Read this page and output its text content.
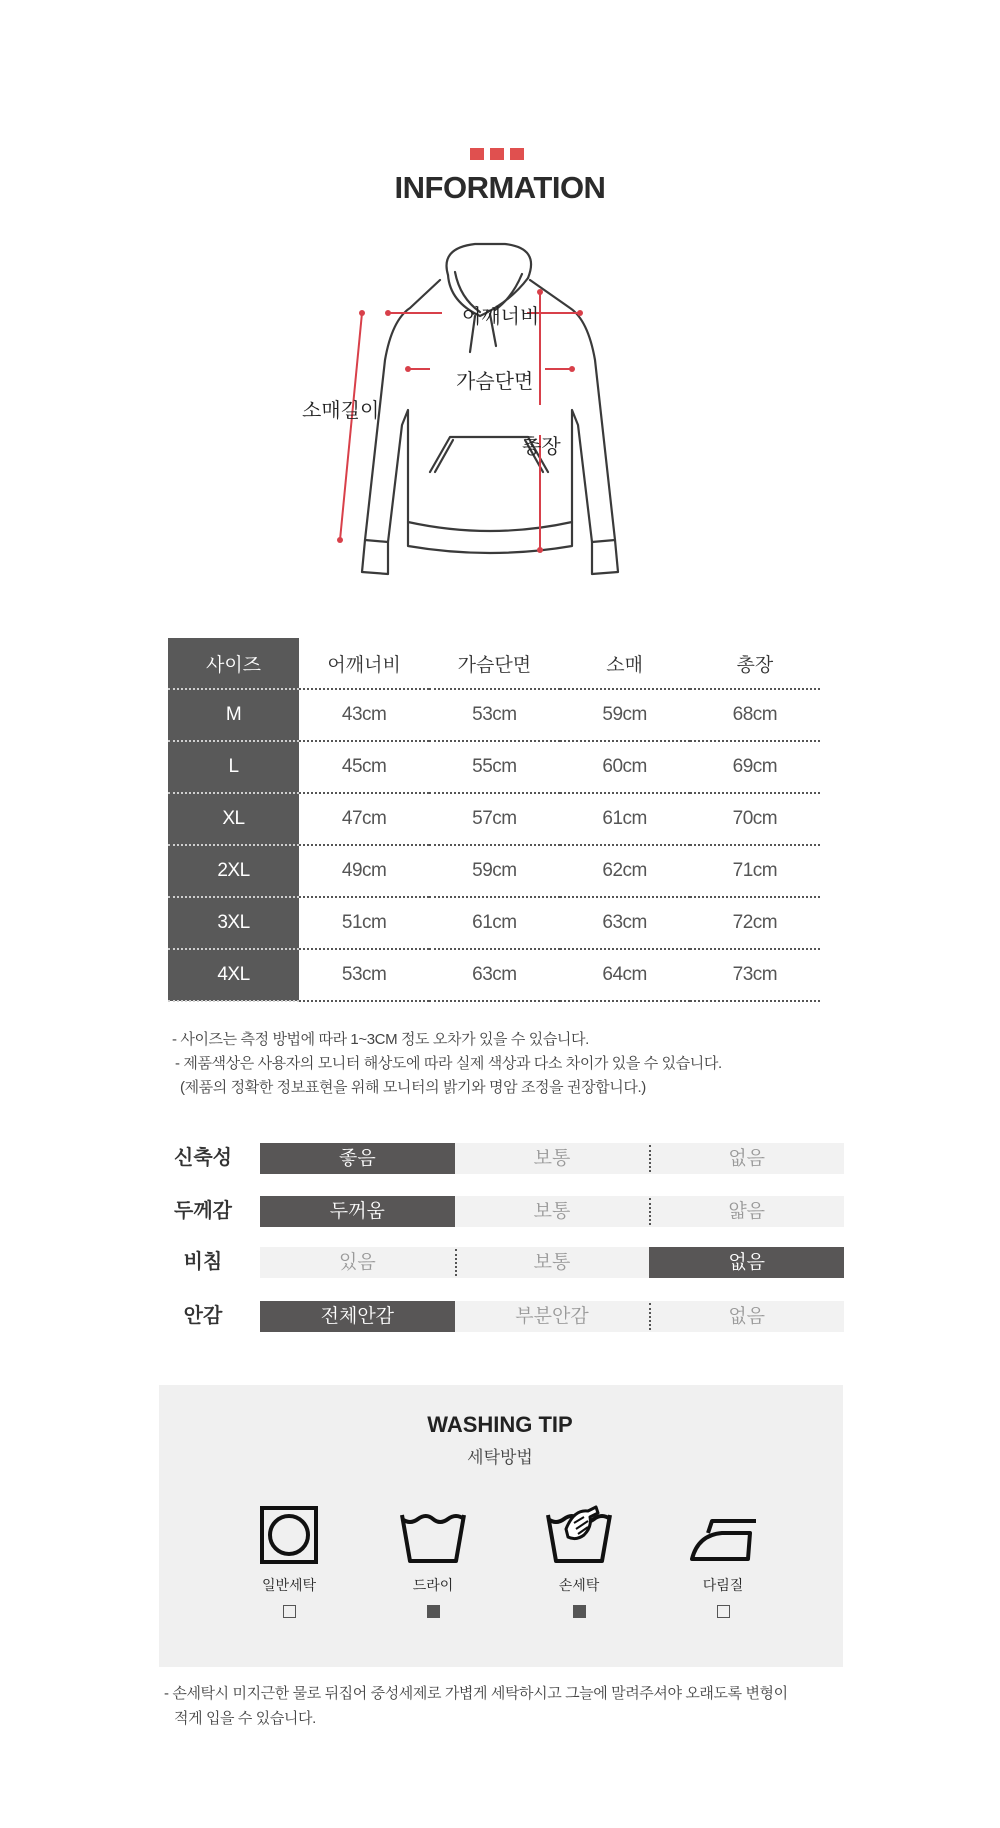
INFORMATION
어깨너비
가슴단면
소매길이
총장
사이즈	어깨너비	가슴단면	소매	총장
M	43cm	53cm	59cm	68cm
L	45cm	55cm	60cm	69cm
XL	47cm	57cm	61cm	70cm
2XL	49cm	59cm	62cm	71cm
3XL	51cm	61cm	63cm	72cm
4XL	53cm	63cm	64cm	73cm
- 사이즈는 측정 방법에 따라 1~3CM 정도 오차가 있을 수 있습니다.
- 제품색상은 사용자의 모니터 해상도에 따라 실제 색상과 다소 차이가 있을 수 있습니다.
(제품의 정확한 정보표현을 위해 모니터의 밝기와 명암 조정을 권장합니다.)
신축성	좋음	보통	없음
두께감	두꺼움	보통	얇음
비침	있음	보통	없음
안감	전체안감	부분안감	없음
WASHING TIP
세탁방법
일반세탁	드라이	손세탁	다림질
- 손세탁시 미지근한 물로 뒤집어 중성세제로 가볍게 세탁하시고 그늘에 말려주셔야 오래도록 변형이
적게 입을 수 있습니다.
